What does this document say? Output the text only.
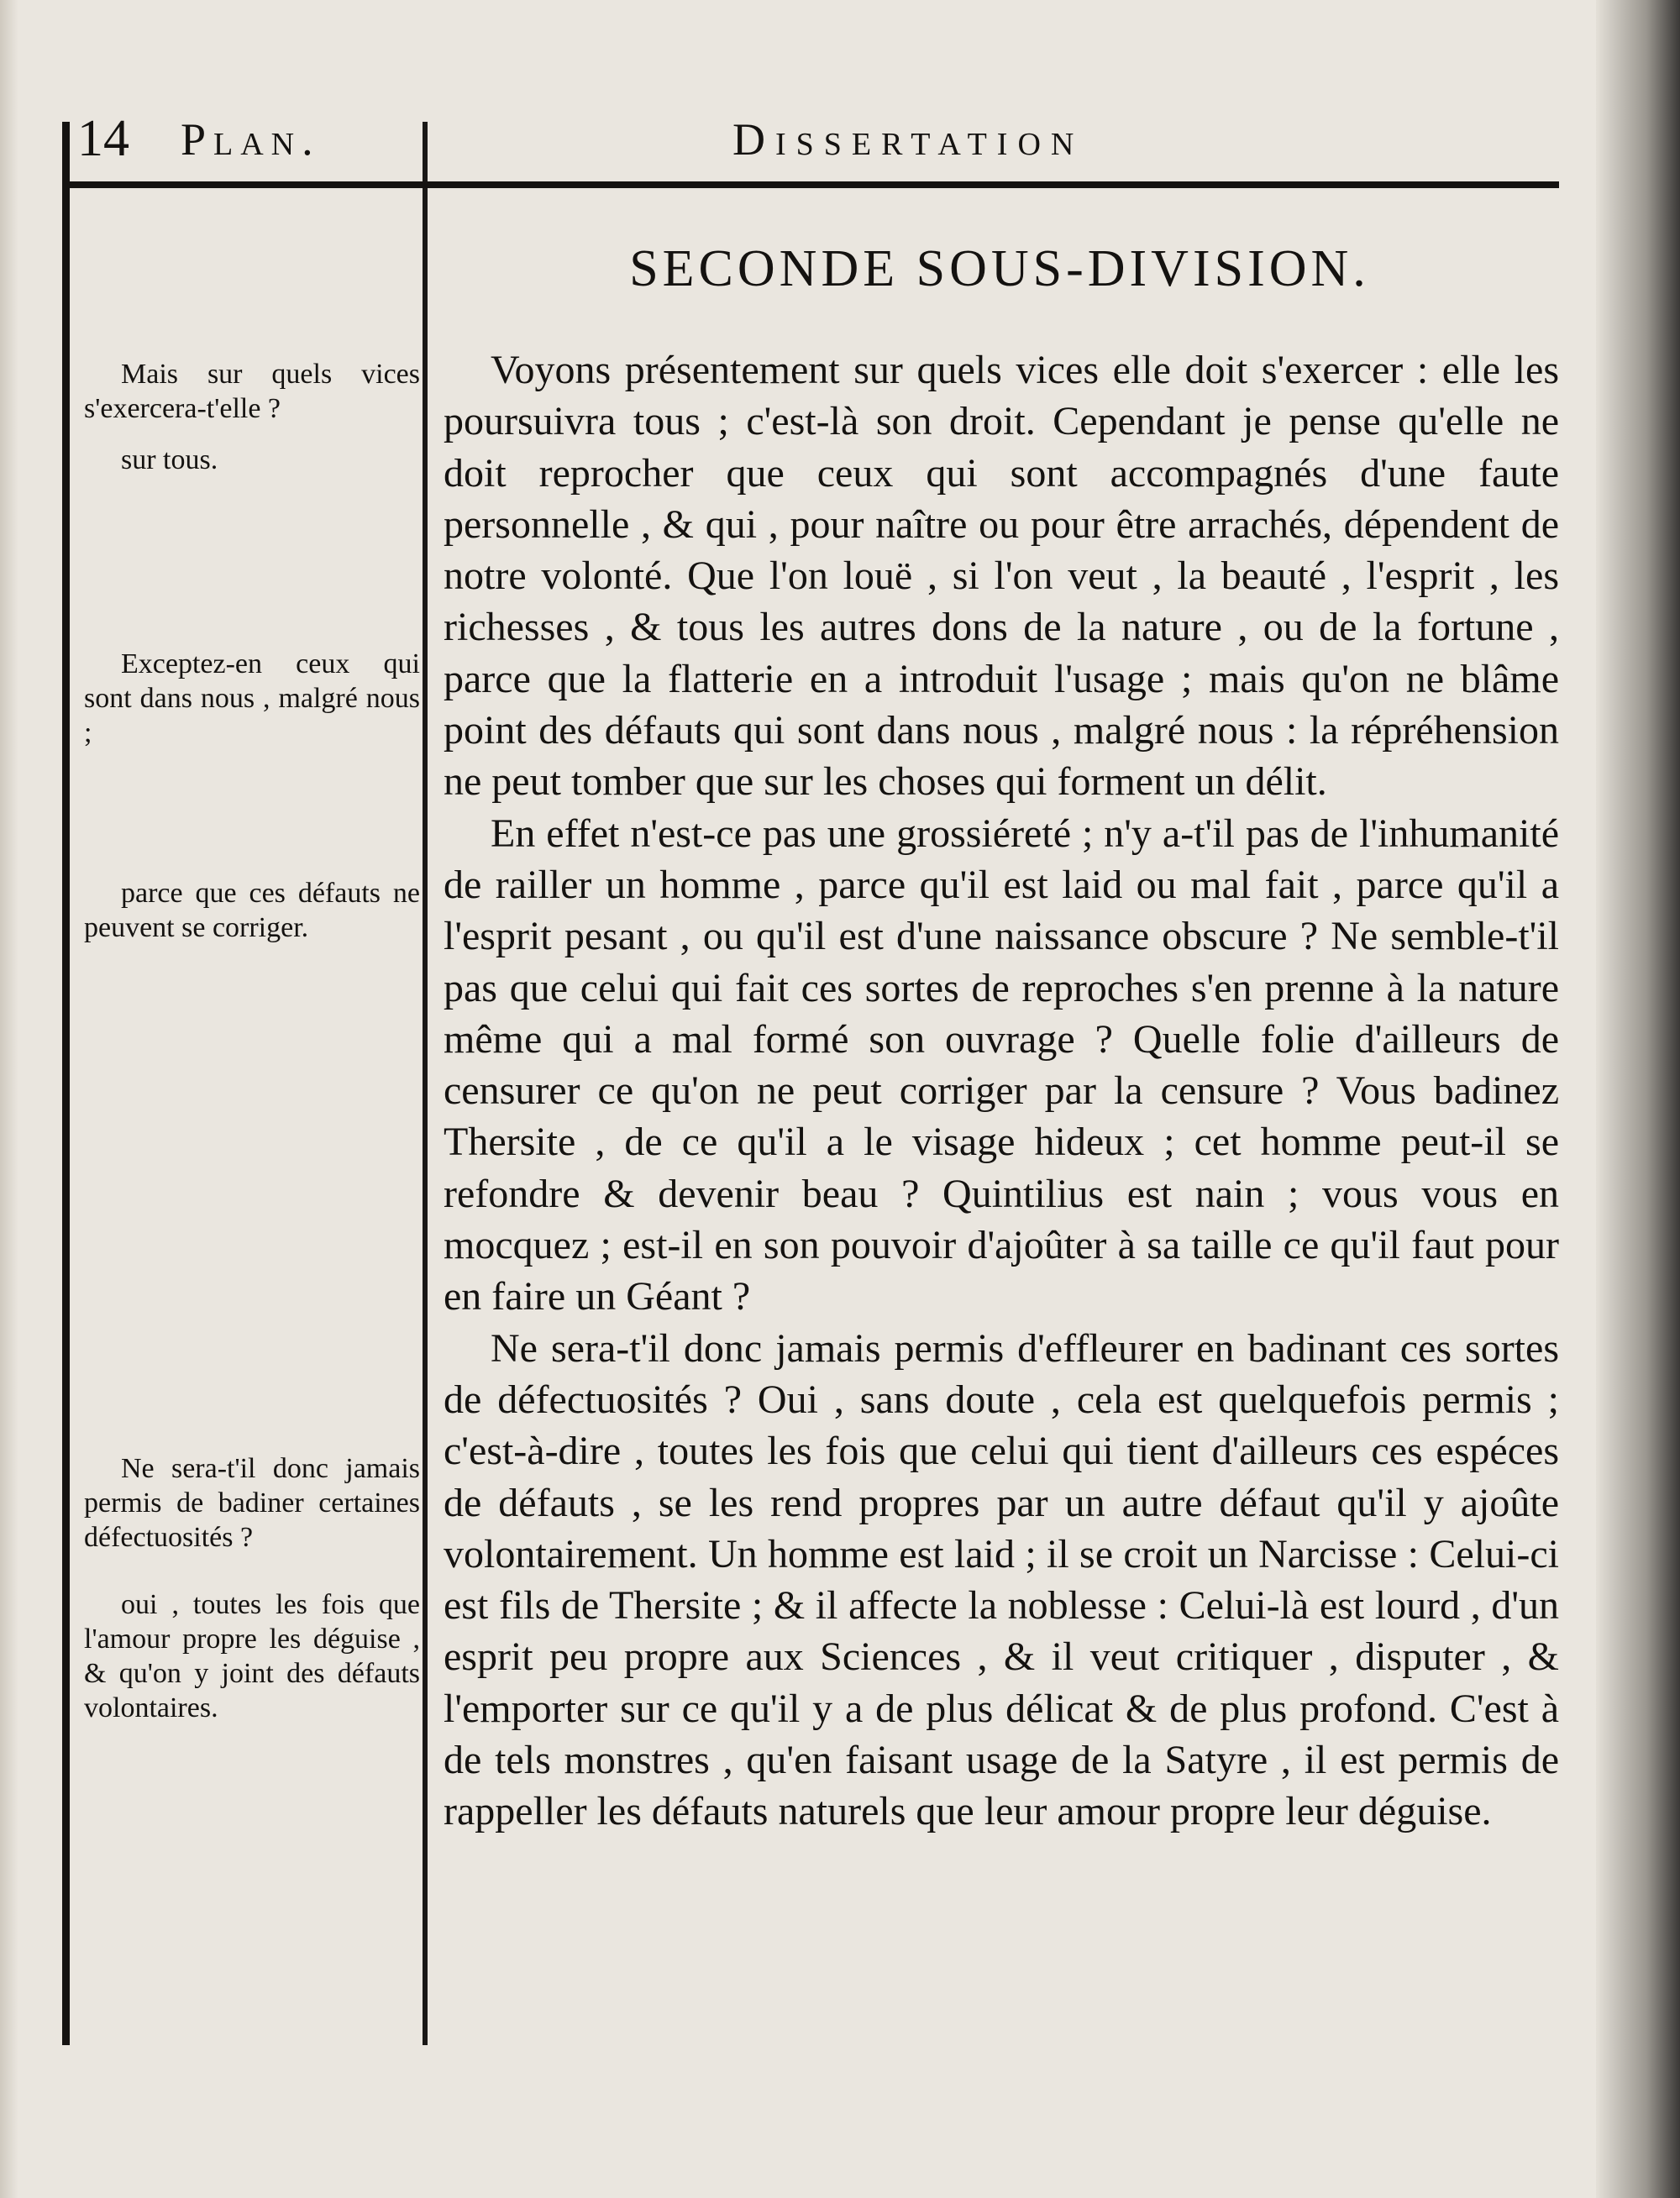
14 Plan.	Dissertation
SECONDE SOUS-DIVISION.
Mais sur quels vices s'exercera-t'elle ?
sur tous.
Exceptez-en ceux qui sont dans nous , malgré nous ;
parce que ces défauts ne peuvent se corriger.
Ne sera-t'il donc jamais permis de badiner certaines défectuosités ?
oui , toutes les fois que l'amour propre les déguise , & qu'on y joint des défauts volontaires.

Voyons présentement sur quels vices elle doit s'exercer : elle les poursuivra tous ; c'est-là son droit. Cependant je pense qu'elle ne doit reprocher que ceux qui sont accompagnés d'une faute personnelle , & qui , pour naître ou pour être arrachés, dépendent de notre volonté. Que l'on louë , si l'on veut , la beauté , l'esprit , les richesses , & tous les autres dons de la nature , ou de la fortune , parce que la flatterie en a introduit l'usage ; mais qu'on ne blâme point des défauts qui sont dans nous , malgré nous : la répréhension ne peut tomber que sur les choses qui forment un délit.

En effet n'est-ce pas une grossiéreté ; n'y a-t'il pas de l'inhumanité de railler un homme , parce qu'il est laid ou mal fait , parce qu'il a l'esprit pesant , ou qu'il est d'une naissance obscure ? Ne semble-t'il pas que celui qui fait ces sortes de reproches s'en prenne à la nature même qui a mal formé son ouvrage ? Quelle folie d'ailleurs de censurer ce qu'on ne peut corriger par la censure ? Vous badinez Thersite , de ce qu'il a le visage hideux ; cet homme peut-il se refondre & devenir beau ? Quintilius est nain ; vous vous en mocquez ; est-il en son pouvoir d'ajoûter à sa taille ce qu'il faut pour en faire un Géant ?

Ne sera-t'il donc jamais permis d'effleurer en badinant ces sortes de défectuosités ? Oui , sans doute , cela est quelquefois permis ; c'est-à-dire , toutes les fois que celui qui tient d'ailleurs ces espéces de défauts , se les rend propres par un autre défaut qu'il y ajoûte volontairement. Un homme est laid ; il se croit un Narcisse : Celui-ci est fils de Thersite ; & il affecte la noblesse : Celui-là est lourd , d'un esprit peu propre aux Sciences , & il veut critiquer , disputer , & l'emporter sur ce qu'il y a de plus délicat & de plus profond. C'est à de tels monstres , qu'en faisant usage de la Satyre , il est permis de rappeller les défauts naturels que leur amour propre leur déguise.
